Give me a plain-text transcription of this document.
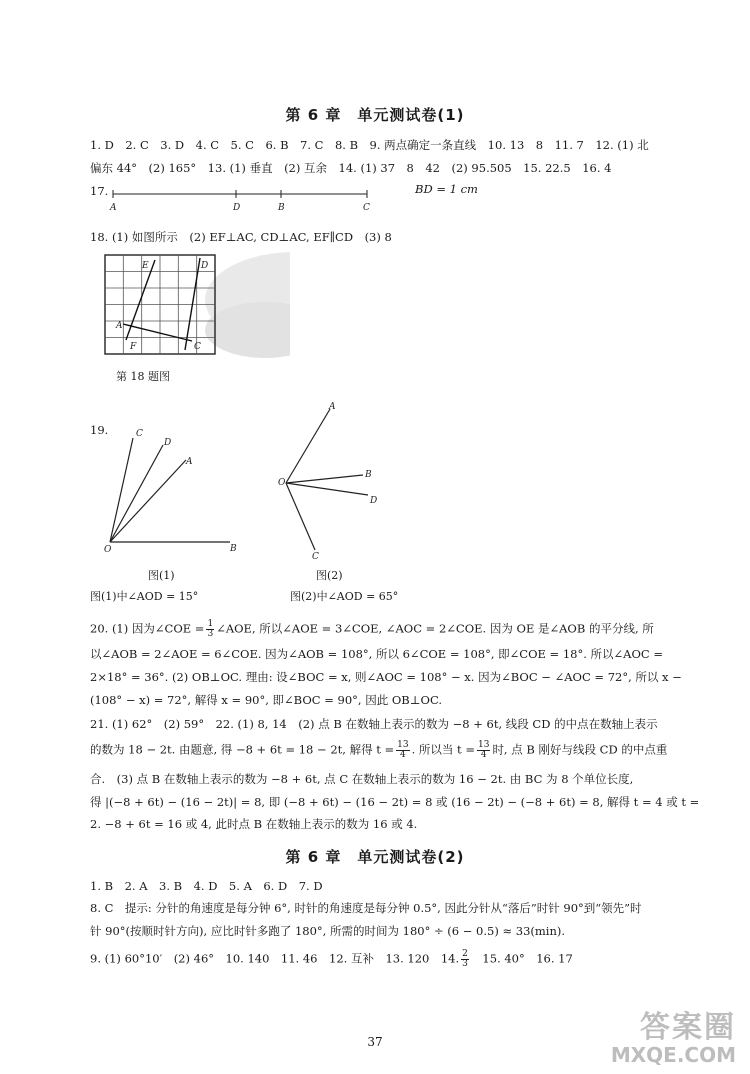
第 6 章　单元测试卷(1)
1. D　2. C　3. D　4. C　5. C　6. B　7. C　8. B　9. 两点确定一条直线　10. 13　8　11. 7　12. (1) 北
偏东 44°　(2) 165°　13. (1) 垂直　(2) 互余　14. (1) 37　8　42　(2) 95.505　15. 22.5　16. 4
17.
A	D	B	C
BD = 1 cm
18. (1) 如图所示　(2) EF⊥AC, CD⊥AC, EF∥CD　(3) 8
E	D
A
F	C
第 18 题图
19.	C
D
A
O	B
图(1)
A
O
B
D
C
图(2)
图(1)中∠AOD = 15°	图(2)中∠AOD = 65°
20. (1) 因为∠COE = $\frac{1}{3}$ ∠AOE, 所以∠AOE = 3∠COE, ∠AOC = 2∠COE. 因为 OE 是∠AOB 的平分线, 所
以∠AOB = 2∠AOE = 6∠COE. 因为∠AOB = 108°, 所以 6∠COE = 108°, 即∠COE = 18°. 所以∠AOC =
2×18° = 36°. (2) OB⊥OC. 理由: 设∠BOC = x, 则∠AOC = 108° − x. 因为∠BOC − ∠AOC = 72°, 所以 x −
(108° − x) = 72°, 解得 x = 90°, 即∠BOC = 90°, 因此 OB⊥OC.
21. (1) 62°　(2) 59°　22. (1) 8, 14　(2) 点 B 在数轴上表示的数为 −8 + 6t, 线段 CD 的中点在数轴上表示
的数为 18 − 2t. 由题意, 得 −8 + 6t = 18 − 2t, 解得 $t = \frac{13}{4}$ . 所以当 $t = \frac{13}{4}$ 时, 点 B 刚好与线段 CD 的中点重
合.　(3) 点 B 在数轴上表示的数为 −8 + 6t, 点 C 在数轴上表示的数为 16 − 2t. 由 BC 为 8 个单位长度,
得 |(−8 + 6t) − (16 − 2t)| = 8, 即 (−8 + 6t) − (16 − 2t) = 8 或 (16 − 2t) − (−8 + 6t) = 8, 解得 t = 4 或 t =
2. −8 + 6t = 16 或 4, 此时点 B 在数轴上表示的数为 16 或 4.
第 6 章　单元测试卷(2)
1. B　2. A　3. B　4. D　5. A　6. D　7. D
8. C　提示: 分针的角速度是每分钟 6°, 时针的角速度是每分钟 0.5°, 因此分针从“落后”时针 90°到“领先”时
针 90°(按顺时针方向), 应比时针多跑了 180°, 所需的时间为 180° ÷ (6 − 0.5) ≈ 33(min).
9. (1) 60°10′　(2) 46°　10. 140　11. 46　12. 互补　13. 120　14. $\frac{2}{3}$
　 15. 40°　16. 17
37	答案圈
MXQE.COM
